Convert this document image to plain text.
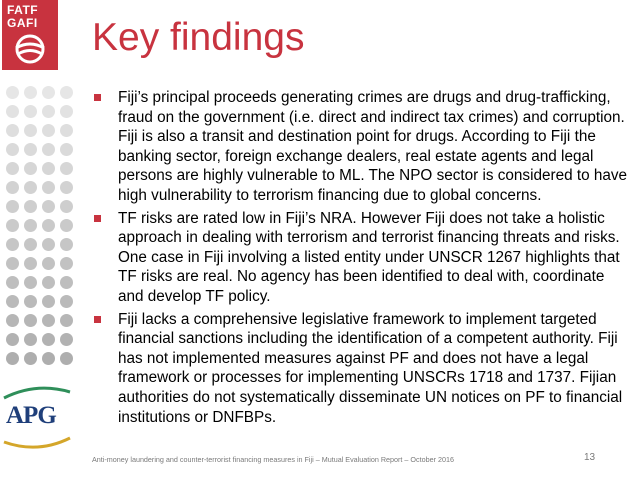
FATF
GAFI	Key findings
Fiji’s principal proceeds generating crimes are drugs and drug-trafficking, fraud on the government (i.e. direct and indirect tax crimes) and corruption. Fiji is also a transit and destination point for drugs. According to Fiji the banking sector, foreign exchange dealers, real estate agents and legal persons are highly vulnerable to ML. The NPO sector is considered to have high vulnerability to terrorism financing due to global concerns.
TF risks are rated low in Fiji’s NRA. However Fiji does not take a holistic approach in dealing with terrorism and terrorist financing threats and risks. One case in Fiji involving a listed entity under UNSCR 1267 highlights that TF risks are real. No agency has been identified to deal with, coordinate and develop TF policy.
Fiji lacks a comprehensive legislative framework to implement targeted financial sanctions including the identification of a competent authority. Fiji has not implemented measures against PF and does not have a legal framework or processes for implementing UNSCRs 1718 and 1737. Fijian authorities do not systematically disseminate UN notices on PF to financial institutions or DNFBPs.
APG
Anti-money laundering and counter-terrorist financing measures in Fiji – Mutual Evaluation Report – October 2016	13
